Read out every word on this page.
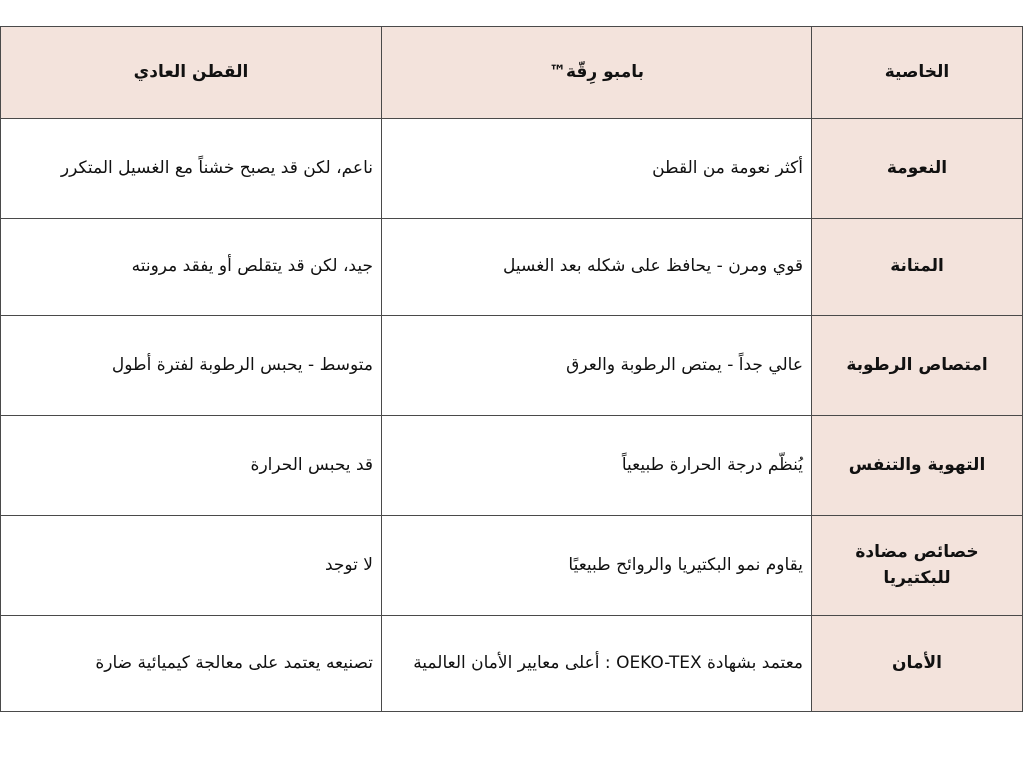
الخاصية	بامبو رِقّة™	القطن العادي
النعومة	أكثر نعومة من القطن	ناعم، لكن قد يصبح خشناً مع الغسيل المتكرر
المتانة	قوي ومرن - يحافظ على شكله بعد الغسيل	جيد، لكن قد يتقلص أو يفقد مرونته
امتصاص الرطوبة	عالي جداً - يمتص الرطوبة والعرق	متوسط - يحبس الرطوبة لفترة أطول
التهوية والتنفس	يُنظّم درجة الحرارة طبيعياً	قد يحبس الحرارة
خصائص مضادة للبكتيريا	يقاوم نمو البكتيريا والروائح طبيعيًا	لا توجد
الأمان	معتمد بشهادة OEKO-TEX : أعلى معايير الأمان العالمية	تصنيعه يعتمد على معالجة كيميائية ضارة
